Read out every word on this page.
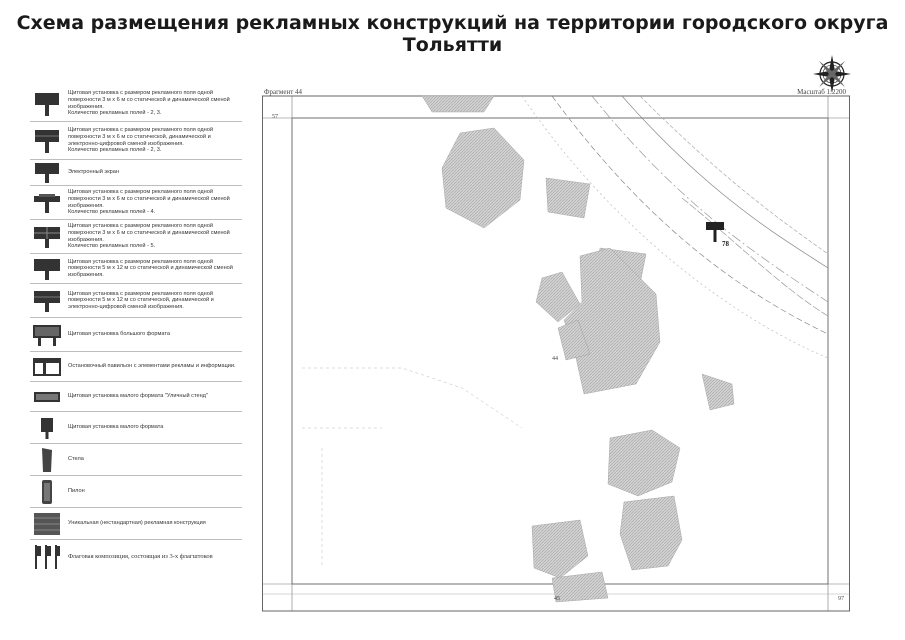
Схема размещения рекламных конструкций на территории городского округа Тольятти
Щитовая установка с размером рекламного поля одной поверхности 3 м х 6 м со статической и динамической сменой изображения.
Количество рекламных полей - 2, 3.
Щитовая установка с размером рекламного поля одной поверхности 3 м х 6 м со статической, динамической и электронно-цифровой сменой изображения.
Количество рекламных полей - 2, 3.
Электронный экран
Щитовая установка с размером рекламного поля одной поверхности 3 м х 6 м со статической и динамической сменой изображения.
Количество рекламных полей - 4.
Щитовая установка с размером рекламного поля одной поверхности 3 м х 6 м со статической и динамической сменой изображения.
Количество рекламных полей - 5.
Щитовая установка с размером рекламного поля одной поверхности 5 м х 12 м со статической и динамической сменой изображения.
Щитовая установка с размером рекламного поля одной поверхности 5 м х 12 м со статической, динамической и электронно-цифровой сменой изображения.
Щитовая установка большого формата
Остановочный павильон с элементами рекламы и информации.
Щитовая установка малого формата "Уличный стенд"
Щитовая установка малого формата
Стела
Пилон
Уникальная (нестандартная) рекламная конструкция
Флаговая композиция, состоящая из 3-х флагштоков
Фрагмент 44	Масштаб 1:2200
57
97
45
44
78
